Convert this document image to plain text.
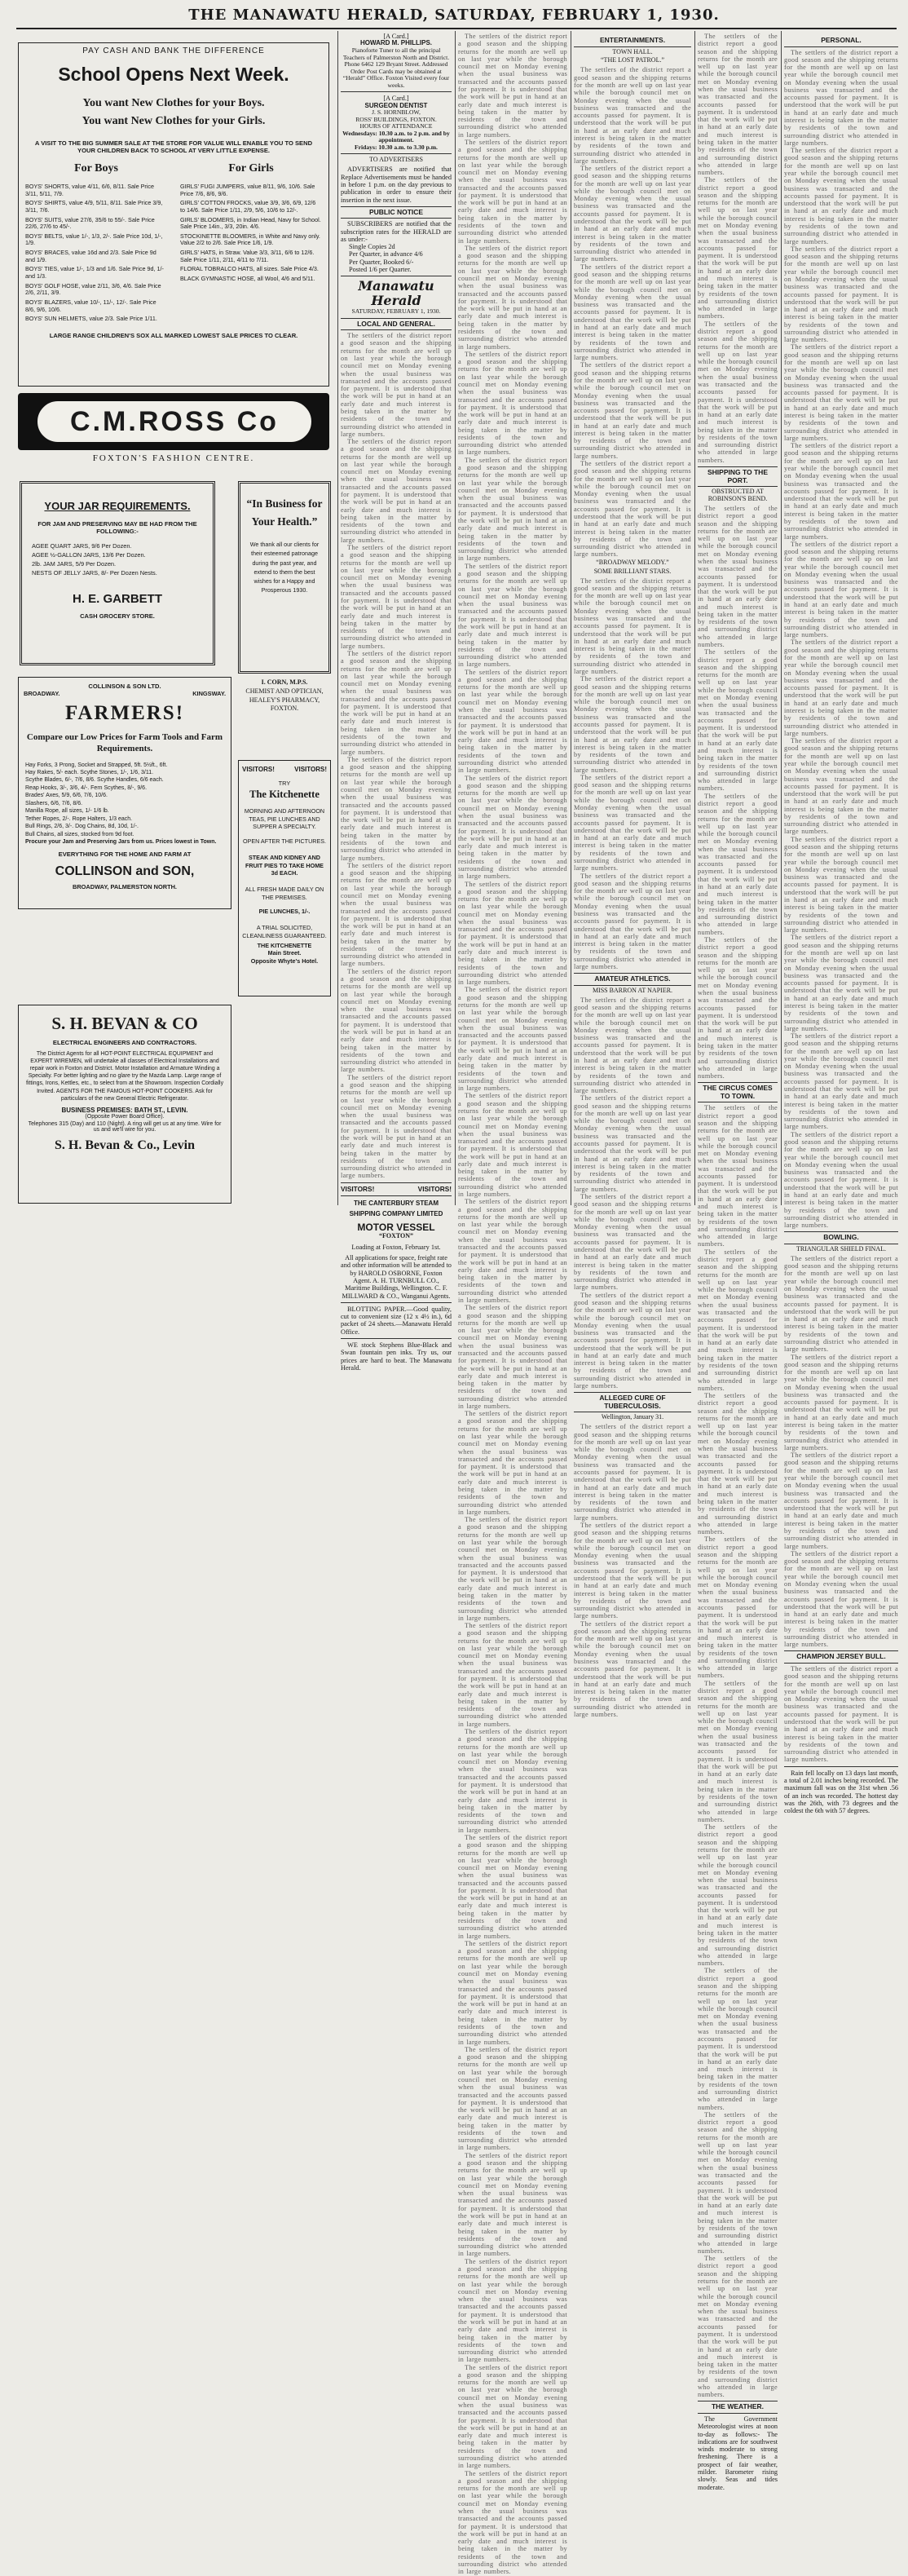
THE MANAWATU HERALD, SATURDAY, FEBRUARY 1, 1930.
PAY CASH AND BANK THE DIFFERENCE
School Opens Next Week.
You want New Clothes for your Boys.
You want New Clothes for your Girls.
A VISIT TO THE BIG SUMMER SALE AT THE STORE FOR VALUE WILL ENABLE YOU TO SEND YOUR CHILDREN BACK TO SCHOOL AT VERY LITTLE EXPENSE.
For Boys
BOYS' SHORTS, value 4/11, 6/6, 8/11. Sale Price 3/11, 5/11, 7/9.
BOYS' SHIRTS, value 4/9, 5/11, 8/11. Sale Price 3/9, 3/11, 7/6.
BOYS' SUITS, value 27/6, 35/6 to 55/-. Sale Price 22/6, 27/6 to 45/-.
BOYS' BELTS, value 1/-, 1/3, 2/-. Sale Price 10d, 1/-, 1/9.
BOYS' BRACES, value 16d and 2/3. Sale Price 9d and 1/9.
BOYS' TIES, value 1/-, 1/3 and 1/6. Sale Price 9d, 1/- and 1/3.
BOYS' GOLF HOSE, value 2/11, 3/6, 4/6. Sale Price 2/6, 2/11, 3/9.
BOYS' BLAZERS, value 10/-, 11/-, 12/-. Sale Price 8/6, 9/6, 10/6.
BOYS' SUN HELMETS, value 2/3. Sale Price 1/11.
For Girls
GIRLS' FUGI JUMPERS, value 8/11, 9/6, 10/6. Sale Price 7/6, 8/6, 9/6.
GIRLS' COTTON FROCKS, value 3/9, 3/6, 6/9, 12/6 to 14/6. Sale Price 1/11, 2/9, 5/6, 10/6 to 12/-.
GIRLS' BLOOMERS, in Indian Head, Navy for School. Sale Price 14in., 3/3, 20in. 4/6.
STOCKINETTE BLOOMERS, in White and Navy only. Value 2/2 to 2/6. Sale Price 1/6, 1/9.
GIRLS' HATS, in Straw. Value 3/3, 3/11, 6/6 to 12/6. Sale Price 1/11, 2/11, 4/11 to 7/11.
FLORAL TOBRALCO HATS, all sizes. Sale Price 4/3.
BLACK GYMNASTIC HOSE, all Wool, 4/6 and 5/11.
LARGE RANGE CHILDREN'S SOX ALL MARKED LOWEST SALE PRICES TO CLEAR.
C.M.ROSS Co
FOXTON'S FASHION CENTRE.
YOUR JAR REQUIREMENTS.
FOR JAM AND PRESERVING MAY BE HAD FROM THE FOLLOWING:-
AGEE QUART JARS, 9/6 Per Dozen.
AGEE ½-GALLON JARS, 13/6 Per Dozen.
2lb. JAM JARS, 5/9 Per Dozen.
NESTS OF JELLY JARS, 8/- Per Dozen Nests.
H. E. GARBETT
CASH GROCERY STORE.
“In Business for Your Health.”
We thank all our clients for their esteemed patronage during the past year, and extend to them the best wishes for a Happy and Prosperous 1930.
I. CORN, M.P.S.
CHEMIST AND OPTICIAN,
HEALEY'S PHARMACY,
FOXTON.
COLLINSON & SON LTD.
BROADWAY.	KINGSWAY.
FARMERS!
Compare our Low Prices for Farm Tools and Farm Requirements.
Hay Forks, 3 Prong, Socket and Strapped, 5ft. 5½ft., 6ft.
Hay Rakes, 5/- each. Scythe Stones, 1/-, 1/6, 3/11.
Scythe Blades, 6/-, 7/6, 8/6. Scythe Handles, 6/6 each.
Reap Hooks, 3/-, 3/6, 4/-. Fern Scythes, 8/-, 9/6.
Brades' Axes, 5/9, 6/6, 7/6, 10/6.
Slashers, 6/6, 7/6, 8/6.
Manilla Rope, all sizes, 1/- 1/6 lb.
Tether Ropes, 2/-. Rope Halters, 1/3 each.
Bull Rings, 2/6, 3/-. Dog Chains, 8d, 10d, 1/-.
Bull Chains, all sizes, stocked from 9d foot.
Procure your Jam and Preserving Jars from us. Prices lowest in Town.
EVERYTHING FOR THE HOME AND FARM AT
COLLINSON and SON,
BROADWAY, PALMERSTON NORTH.
VISITORS!	VISITORS!
TRY
The Kitchenette
MORNING AND AFTERNOON TEAS, PIE LUNCHES AND SUPPER A SPECIALTY.
OPEN AFTER THE PICTURES.
STEAK AND KIDNEY AND FRUIT PIES TO TAKE HOME 3d EACH.
ALL FRESH MADE DAILY ON THE PREMISES.
PIE LUNCHES, 1/-.
A TRIAL SOLICITED, CLEANLINESS GUARANTEED.
THE KITCHENETTE
Main Street.
Opposite Whyte's Hotel.
S. H. BEVAN & CO
ELECTRICAL ENGINEERS AND CONTRACTORS.
The District Agents for all HOT-POINT ELECTRICAL EQUIPMENT and EXPERT WIREMEN, will undertake all classes of Electrical Installations and repair work in Foxton and District. Motor Installation and Armature Winding a Specialty. For better lighting and no glare try the Mazda Lamp. Large range of fittings, Irons, Kettles, etc., to select from at the Showroom. Inspection Cordially Invited. AGENTS FOR THE FAMOUS HOT-POINT COOKERS. Ask for particulars of the new General Electric Refrigerator.
BUSINESS PREMISES: BATH ST., LEVIN.
(Opposite Power Board Office).
Telephones 315 (Day) and 110 (Night). A ring will get us at any time. Wire for us and we'll wire for you.
S. H. Bevan & Co., Levin
[A Card.]
HOWARD M. PHILLIPS.
Pianoforte Tuner to all the principal Teachers of Palmerston North and District. Phone 6462 129 Bryant Street. Addressed Order Post Cards may be obtained at “Herald” Office. Foxton Visited every four weeks.
[A Card.]
SURGEON DENTIST
J. S. HORNBLOW,
ROSS' BUILDINGS, FOXTON.
HOURS OF ATTENDANCE
Wednesdays: 10.30 a.m. to 2 p.m. and by appointment.
Fridays: 10.30 a.m. to 3.30 p.m.
TO ADVERTISERS

ADVERTISERS are notified that Replace Advertisements must be handed in before 1 p.m. on the day previous to publication in order to ensure their insertion in the next issue.

PUBLIC NOTICE

SUBSCRIBERS are notified that the subscription rates for the HERALD are as under:-

Single Copies 2d
Per Quarter, in advance 4/6
Per Quarter, Booked 6/-
Posted 1/6 per Quarter.
Manawatu Herald
SATURDAY, FEBRUARY 1, 1930.
LOCAL AND GENERAL.

The settlers of the district report a good season and the shipping returns for the month are well up on last year while the borough council met on Monday evening when the usual business was transacted and the accounts passed for payment. It is understood that the work will be put in hand at an early date and much interest is being taken in the matter by residents of the town and surrounding district who attended in large numbers.

The settlers of the district report a good season and the shipping returns for the month are well up on last year while the borough council met on Monday evening when the usual business was transacted and the accounts passed for payment. It is understood that the work will be put in hand at an early date and much interest is being taken in the matter by residents of the town and surrounding district who attended in large numbers.

The settlers of the district report a good season and the shipping returns for the month are well up on last year while the borough council met on Monday evening when the usual business was transacted and the accounts passed for payment. It is understood that the work will be put in hand at an early date and much interest is being taken in the matter by residents of the town and surrounding district who attended in large numbers.

The settlers of the district report a good season and the shipping returns for the month are well up on last year while the borough council met on Monday evening when the usual business was transacted and the accounts passed for payment. It is understood that the work will be put in hand at an early date and much interest is being taken in the matter by residents of the town and surrounding district who attended in large numbers.

The settlers of the district report a good season and the shipping returns for the month are well up on last year while the borough council met on Monday evening when the usual business was transacted and the accounts passed for payment. It is understood that the work will be put in hand at an early date and much interest is being taken in the matter by residents of the town and surrounding district who attended in large numbers.

The settlers of the district report a good season and the shipping returns for the month are well up on last year while the borough council met on Monday evening when the usual business was transacted and the accounts passed for payment. It is understood that the work will be put in hand at an early date and much interest is being taken in the matter by residents of the town and surrounding district who attended in large numbers.

The settlers of the district report a good season and the shipping returns for the month are well up on last year while the borough council met on Monday evening when the usual business was transacted and the accounts passed for payment. It is understood that the work will be put in hand at an early date and much interest is being taken in the matter by residents of the town and surrounding district who attended in large numbers.

The settlers of the district report a good season and the shipping returns for the month are well up on last year while the borough council met on Monday evening when the usual business was transacted and the accounts passed for payment. It is understood that the work will be put in hand at an early date and much interest is being taken in the matter by residents of the town and surrounding district who attended in large numbers.

VISITORS!	VISITORS!
THE CANTERBURY STEAM SHIPPING COMPANY LIMITED
MOTOR VESSEL
“FOXTON”
Loading at Foxton, February 1st.
All applications for space, freight rate and other information will be attended to by HAROLD OSBORNE, Foxton Agent. A. H. TURNBULL CO., Maritime Buildings, Wellington. C. F. MILLWARD & CO., Wanganui Agents.

BLOTTING PAPER.—Good quality, cut to convenient size (12 x 4½ in.), 6d packet of 24 sheets.—Manawatu Herald Office.

WE stock Stephens Blue-Black and Swan fountain pen inks. Try us, our prices are hard to beat. The Manawatu Herald.

The settlers of the district report a good season and the shipping returns for the month are well up on last year while the borough council met on Monday evening when the usual business was transacted and the accounts passed for payment. It is understood that the work will be put in hand at an early date and much interest is being taken in the matter by residents of the town and surrounding district who attended in large numbers.

The settlers of the district report a good season and the shipping returns for the month are well up on last year while the borough council met on Monday evening when the usual business was transacted and the accounts passed for payment. It is understood that the work will be put in hand at an early date and much interest is being taken in the matter by residents of the town and surrounding district who attended in large numbers.

The settlers of the district report a good season and the shipping returns for the month are well up on last year while the borough council met on Monday evening when the usual business was transacted and the accounts passed for payment. It is understood that the work will be put in hand at an early date and much interest is being taken in the matter by residents of the town and surrounding district who attended in large numbers.

The settlers of the district report a good season and the shipping returns for the month are well up on last year while the borough council met on Monday evening when the usual business was transacted and the accounts passed for payment. It is understood that the work will be put in hand at an early date and much interest is being taken in the matter by residents of the town and surrounding district who attended in large numbers.

The settlers of the district report a good season and the shipping returns for the month are well up on last year while the borough council met on Monday evening when the usual business was transacted and the accounts passed for payment. It is understood that the work will be put in hand at an early date and much interest is being taken in the matter by residents of the town and surrounding district who attended in large numbers.

The settlers of the district report a good season and the shipping returns for the month are well up on last year while the borough council met on Monday evening when the usual business was transacted and the accounts passed for payment. It is understood that the work will be put in hand at an early date and much interest is being taken in the matter by residents of the town and surrounding district who attended in large numbers.

The settlers of the district report a good season and the shipping returns for the month are well up on last year while the borough council met on Monday evening when the usual business was transacted and the accounts passed for payment. It is understood that the work will be put in hand at an early date and much interest is being taken in the matter by residents of the town and surrounding district who attended in large numbers.

The settlers of the district report a good season and the shipping returns for the month are well up on last year while the borough council met on Monday evening when the usual business was transacted and the accounts passed for payment. It is understood that the work will be put in hand at an early date and much interest is being taken in the matter by residents of the town and surrounding district who attended in large numbers.

The settlers of the district report a good season and the shipping returns for the month are well up on last year while the borough council met on Monday evening when the usual business was transacted and the accounts passed for payment. It is understood that the work will be put in hand at an early date and much interest is being taken in the matter by residents of the town and surrounding district who attended in large numbers.

The settlers of the district report a good season and the shipping returns for the month are well up on last year while the borough council met on Monday evening when the usual business was transacted and the accounts passed for payment. It is understood that the work will be put in hand at an early date and much interest is being taken in the matter by residents of the town and surrounding district who attended in large numbers.

The settlers of the district report a good season and the shipping returns for the month are well up on last year while the borough council met on Monday evening when the usual business was transacted and the accounts passed for payment. It is understood that the work will be put in hand at an early date and much interest is being taken in the matter by residents of the town and surrounding district who attended in large numbers.

The settlers of the district report a good season and the shipping returns for the month are well up on last year while the borough council met on Monday evening when the usual business was transacted and the accounts passed for payment. It is understood that the work will be put in hand at an early date and much interest is being taken in the matter by residents of the town and surrounding district who attended in large numbers.

The settlers of the district report a good season and the shipping returns for the month are well up on last year while the borough council met on Monday evening when the usual business was transacted and the accounts passed for payment. It is understood that the work will be put in hand at an early date and much interest is being taken in the matter by residents of the town and surrounding district who attended in large numbers.

The settlers of the district report a good season and the shipping returns for the month are well up on last year while the borough council met on Monday evening when the usual business was transacted and the accounts passed for payment. It is understood that the work will be put in hand at an early date and much interest is being taken in the matter by residents of the town and surrounding district who attended in large numbers.

The settlers of the district report a good season and the shipping returns for the month are well up on last year while the borough council met on Monday evening when the usual business was transacted and the accounts passed for payment. It is understood that the work will be put in hand at an early date and much interest is being taken in the matter by residents of the town and surrounding district who attended in large numbers.

The settlers of the district report a good season and the shipping returns for the month are well up on last year while the borough council met on Monday evening when the usual business was transacted and the accounts passed for payment. It is understood that the work will be put in hand at an early date and much interest is being taken in the matter by residents of the town and surrounding district who attended in large numbers.

The settlers of the district report a good season and the shipping returns for the month are well up on last year while the borough council met on Monday evening when the usual business was transacted and the accounts passed for payment. It is understood that the work will be put in hand at an early date and much interest is being taken in the matter by residents of the town and surrounding district who attended in large numbers.

The settlers of the district report a good season and the shipping returns for the month are well up on last year while the borough council met on Monday evening when the usual business was transacted and the accounts passed for payment. It is understood that the work will be put in hand at an early date and much interest is being taken in the matter by residents of the town and surrounding district who attended in large numbers.

The settlers of the district report a good season and the shipping returns for the month are well up on last year while the borough council met on Monday evening when the usual business was transacted and the accounts passed for payment. It is understood that the work will be put in hand at an early date and much interest is being taken in the matter by residents of the town and surrounding district who attended in large numbers.

The settlers of the district report a good season and the shipping returns for the month are well up on last year while the borough council met on Monday evening when the usual business was transacted and the accounts passed for payment. It is understood that the work will be put in hand at an early date and much interest is being taken in the matter by residents of the town and surrounding district who attended in large numbers.

The settlers of the district report a good season and the shipping returns for the month are well up on last year while the borough council met on Monday evening when the usual business was transacted and the accounts passed for payment. It is understood that the work will be put in hand at an early date and much interest is being taken in the matter by residents of the town and surrounding district who attended in large numbers.

The settlers of the district report a good season and the shipping returns for the month are well up on last year while the borough council met on Monday evening when the usual business was transacted and the accounts passed for payment. It is understood that the work will be put in hand at an early date and much interest is being taken in the matter by residents of the town and surrounding district who attended in large numbers.

The settlers of the district report a good season and the shipping returns for the month are well up on last year while the borough council met on Monday evening when the usual business was transacted and the accounts passed for payment. It is understood that the work will be put in hand at an early date and much interest is being taken in the matter by residents of the town and surrounding district who attended in large numbers.

The settlers of the district report a good season and the shipping returns for the month are well up on last year while the borough council met on Monday evening when the usual business was transacted and the accounts passed for payment. It is understood that the work will be put in hand at an early date and much interest is being taken in the matter by residents of the town and surrounding district who attended in large numbers.

ENTERTAINMENTS.
TOWN HALL.
“THE LOST PATROL.”

The settlers of the district report a good season and the shipping returns for the month are well up on last year while the borough council met on Monday evening when the usual business was transacted and the accounts passed for payment. It is understood that the work will be put in hand at an early date and much interest is being taken in the matter by residents of the town and surrounding district who attended in large numbers.

The settlers of the district report a good season and the shipping returns for the month are well up on last year while the borough council met on Monday evening when the usual business was transacted and the accounts passed for payment. It is understood that the work will be put in hand at an early date and much interest is being taken in the matter by residents of the town and surrounding district who attended in large numbers.

The settlers of the district report a good season and the shipping returns for the month are well up on last year while the borough council met on Monday evening when the usual business was transacted and the accounts passed for payment. It is understood that the work will be put in hand at an early date and much interest is being taken in the matter by residents of the town and surrounding district who attended in large numbers.

The settlers of the district report a good season and the shipping returns for the month are well up on last year while the borough council met on Monday evening when the usual business was transacted and the accounts passed for payment. It is understood that the work will be put in hand at an early date and much interest is being taken in the matter by residents of the town and surrounding district who attended in large numbers.

The settlers of the district report a good season and the shipping returns for the month are well up on last year while the borough council met on Monday evening when the usual business was transacted and the accounts passed for payment. It is understood that the work will be put in hand at an early date and much interest is being taken in the matter by residents of the town and surrounding district who attended in large numbers.

“BROADWAY MELODY.”
SOME BRILLIANT STARS.

The settlers of the district report a good season and the shipping returns for the month are well up on last year while the borough council met on Monday evening when the usual business was transacted and the accounts passed for payment. It is understood that the work will be put in hand at an early date and much interest is being taken in the matter by residents of the town and surrounding district who attended in large numbers.

The settlers of the district report a good season and the shipping returns for the month are well up on last year while the borough council met on Monday evening when the usual business was transacted and the accounts passed for payment. It is understood that the work will be put in hand at an early date and much interest is being taken in the matter by residents of the town and surrounding district who attended in large numbers.

The settlers of the district report a good season and the shipping returns for the month are well up on last year while the borough council met on Monday evening when the usual business was transacted and the accounts passed for payment. It is understood that the work will be put in hand at an early date and much interest is being taken in the matter by residents of the town and surrounding district who attended in large numbers.

The settlers of the district report a good season and the shipping returns for the month are well up on last year while the borough council met on Monday evening when the usual business was transacted and the accounts passed for payment. It is understood that the work will be put in hand at an early date and much interest is being taken in the matter by residents of the town and surrounding district who attended in large numbers.

AMATEUR ATHLETICS.
MISS BARRON AT NAPIER.

The settlers of the district report a good season and the shipping returns for the month are well up on last year while the borough council met on Monday evening when the usual business was transacted and the accounts passed for payment. It is understood that the work will be put in hand at an early date and much interest is being taken in the matter by residents of the town and surrounding district who attended in large numbers.

The settlers of the district report a good season and the shipping returns for the month are well up on last year while the borough council met on Monday evening when the usual business was transacted and the accounts passed for payment. It is understood that the work will be put in hand at an early date and much interest is being taken in the matter by residents of the town and surrounding district who attended in large numbers.

The settlers of the district report a good season and the shipping returns for the month are well up on last year while the borough council met on Monday evening when the usual business was transacted and the accounts passed for payment. It is understood that the work will be put in hand at an early date and much interest is being taken in the matter by residents of the town and surrounding district who attended in large numbers.

The settlers of the district report a good season and the shipping returns for the month are well up on last year while the borough council met on Monday evening when the usual business was transacted and the accounts passed for payment. It is understood that the work will be put in hand at an early date and much interest is being taken in the matter by residents of the town and surrounding district who attended in large numbers.

ALLEGED CURE OF TUBERCULOSIS.
Wellington, January 31.

The settlers of the district report a good season and the shipping returns for the month are well up on last year while the borough council met on Monday evening when the usual business was transacted and the accounts passed for payment. It is understood that the work will be put in hand at an early date and much interest is being taken in the matter by residents of the town and surrounding district who attended in large numbers.

The settlers of the district report a good season and the shipping returns for the month are well up on last year while the borough council met on Monday evening when the usual business was transacted and the accounts passed for payment. It is understood that the work will be put in hand at an early date and much interest is being taken in the matter by residents of the town and surrounding district who attended in large numbers.

The settlers of the district report a good season and the shipping returns for the month are well up on last year while the borough council met on Monday evening when the usual business was transacted and the accounts passed for payment. It is understood that the work will be put in hand at an early date and much interest is being taken in the matter by residents of the town and surrounding district who attended in large numbers.

The settlers of the district report a good season and the shipping returns for the month are well up on last year while the borough council met on Monday evening when the usual business was transacted and the accounts passed for payment. It is understood that the work will be put in hand at an early date and much interest is being taken in the matter by residents of the town and surrounding district who attended in large numbers.

The settlers of the district report a good season and the shipping returns for the month are well up on last year while the borough council met on Monday evening when the usual business was transacted and the accounts passed for payment. It is understood that the work will be put in hand at an early date and much interest is being taken in the matter by residents of the town and surrounding district who attended in large numbers.

The settlers of the district report a good season and the shipping returns for the month are well up on last year while the borough council met on Monday evening when the usual business was transacted and the accounts passed for payment. It is understood that the work will be put in hand at an early date and much interest is being taken in the matter by residents of the town and surrounding district who attended in large numbers.

SHIPPING TO THE PORT.
OBSTRUCTED AT ROBINSON'S BEND.

The settlers of the district report a good season and the shipping returns for the month are well up on last year while the borough council met on Monday evening when the usual business was transacted and the accounts passed for payment. It is understood that the work will be put in hand at an early date and much interest is being taken in the matter by residents of the town and surrounding district who attended in large numbers.

The settlers of the district report a good season and the shipping returns for the month are well up on last year while the borough council met on Monday evening when the usual business was transacted and the accounts passed for payment. It is understood that the work will be put in hand at an early date and much interest is being taken in the matter by residents of the town and surrounding district who attended in large numbers.

The settlers of the district report a good season and the shipping returns for the month are well up on last year while the borough council met on Monday evening when the usual business was transacted and the accounts passed for payment. It is understood that the work will be put in hand at an early date and much interest is being taken in the matter by residents of the town and surrounding district who attended in large numbers.

The settlers of the district report a good season and the shipping returns for the month are well up on last year while the borough council met on Monday evening when the usual business was transacted and the accounts passed for payment. It is understood that the work will be put in hand at an early date and much interest is being taken in the matter by residents of the town and surrounding district who attended in large numbers.

THE CIRCUS COMES TO TOWN.

The settlers of the district report a good season and the shipping returns for the month are well up on last year while the borough council met on Monday evening when the usual business was transacted and the accounts passed for payment. It is understood that the work will be put in hand at an early date and much interest is being taken in the matter by residents of the town and surrounding district who attended in large numbers.

The settlers of the district report a good season and the shipping returns for the month are well up on last year while the borough council met on Monday evening when the usual business was transacted and the accounts passed for payment. It is understood that the work will be put in hand at an early date and much interest is being taken in the matter by residents of the town and surrounding district who attended in large numbers.

The settlers of the district report a good season and the shipping returns for the month are well up on last year while the borough council met on Monday evening when the usual business was transacted and the accounts passed for payment. It is understood that the work will be put in hand at an early date and much interest is being taken in the matter by residents of the town and surrounding district who attended in large numbers.

The settlers of the district report a good season and the shipping returns for the month are well up on last year while the borough council met on Monday evening when the usual business was transacted and the accounts passed for payment. It is understood that the work will be put in hand at an early date and much interest is being taken in the matter by residents of the town and surrounding district who attended in large numbers.

The settlers of the district report a good season and the shipping returns for the month are well up on last year while the borough council met on Monday evening when the usual business was transacted and the accounts passed for payment. It is understood that the work will be put in hand at an early date and much interest is being taken in the matter by residents of the town and surrounding district who attended in large numbers.

The settlers of the district report a good season and the shipping returns for the month are well up on last year while the borough council met on Monday evening when the usual business was transacted and the accounts passed for payment. It is understood that the work will be put in hand at an early date and much interest is being taken in the matter by residents of the town and surrounding district who attended in large numbers.

The settlers of the district report a good season and the shipping returns for the month are well up on last year while the borough council met on Monday evening when the usual business was transacted and the accounts passed for payment. It is understood that the work will be put in hand at an early date and much interest is being taken in the matter by residents of the town and surrounding district who attended in large numbers.

The settlers of the district report a good season and the shipping returns for the month are well up on last year while the borough council met on Monday evening when the usual business was transacted and the accounts passed for payment. It is understood that the work will be put in hand at an early date and much interest is being taken in the matter by residents of the town and surrounding district who attended in large numbers.

The settlers of the district report a good season and the shipping returns for the month are well up on last year while the borough council met on Monday evening when the usual business was transacted and the accounts passed for payment. It is understood that the work will be put in hand at an early date and much interest is being taken in the matter by residents of the town and surrounding district who attended in large numbers.

THE WEATHER.

The Government Meteorologist wires at noon to-day as follows:- The indications are for southwest winds moderate to strong freshening. There is a prospect of fair weather, milder. Barometer rising slowly. Seas and tides moderate.

PERSONAL.

The settlers of the district report a good season and the shipping returns for the month are well up on last year while the borough council met on Monday evening when the usual business was transacted and the accounts passed for payment. It is understood that the work will be put in hand at an early date and much interest is being taken in the matter by residents of the town and surrounding district who attended in large numbers.

The settlers of the district report a good season and the shipping returns for the month are well up on last year while the borough council met on Monday evening when the usual business was transacted and the accounts passed for payment. It is understood that the work will be put in hand at an early date and much interest is being taken in the matter by residents of the town and surrounding district who attended in large numbers.

The settlers of the district report a good season and the shipping returns for the month are well up on last year while the borough council met on Monday evening when the usual business was transacted and the accounts passed for payment. It is understood that the work will be put in hand at an early date and much interest is being taken in the matter by residents of the town and surrounding district who attended in large numbers.

The settlers of the district report a good season and the shipping returns for the month are well up on last year while the borough council met on Monday evening when the usual business was transacted and the accounts passed for payment. It is understood that the work will be put in hand at an early date and much interest is being taken in the matter by residents of the town and surrounding district who attended in large numbers.

The settlers of the district report a good season and the shipping returns for the month are well up on last year while the borough council met on Monday evening when the usual business was transacted and the accounts passed for payment. It is understood that the work will be put in hand at an early date and much interest is being taken in the matter by residents of the town and surrounding district who attended in large numbers.

The settlers of the district report a good season and the shipping returns for the month are well up on last year while the borough council met on Monday evening when the usual business was transacted and the accounts passed for payment. It is understood that the work will be put in hand at an early date and much interest is being taken in the matter by residents of the town and surrounding district who attended in large numbers.

The settlers of the district report a good season and the shipping returns for the month are well up on last year while the borough council met on Monday evening when the usual business was transacted and the accounts passed for payment. It is understood that the work will be put in hand at an early date and much interest is being taken in the matter by residents of the town and surrounding district who attended in large numbers.

The settlers of the district report a good season and the shipping returns for the month are well up on last year while the borough council met on Monday evening when the usual business was transacted and the accounts passed for payment. It is understood that the work will be put in hand at an early date and much interest is being taken in the matter by residents of the town and surrounding district who attended in large numbers.

The settlers of the district report a good season and the shipping returns for the month are well up on last year while the borough council met on Monday evening when the usual business was transacted and the accounts passed for payment. It is understood that the work will be put in hand at an early date and much interest is being taken in the matter by residents of the town and surrounding district who attended in large numbers.

The settlers of the district report a good season and the shipping returns for the month are well up on last year while the borough council met on Monday evening when the usual business was transacted and the accounts passed for payment. It is understood that the work will be put in hand at an early date and much interest is being taken in the matter by residents of the town and surrounding district who attended in large numbers.

The settlers of the district report a good season and the shipping returns for the month are well up on last year while the borough council met on Monday evening when the usual business was transacted and the accounts passed for payment. It is understood that the work will be put in hand at an early date and much interest is being taken in the matter by residents of the town and surrounding district who attended in large numbers.

The settlers of the district report a good season and the shipping returns for the month are well up on last year while the borough council met on Monday evening when the usual business was transacted and the accounts passed for payment. It is understood that the work will be put in hand at an early date and much interest is being taken in the matter by residents of the town and surrounding district who attended in large numbers.

BOWLING.
TRIANGULAR SHIELD FINAL.

The settlers of the district report a good season and the shipping returns for the month are well up on last year while the borough council met on Monday evening when the usual business was transacted and the accounts passed for payment. It is understood that the work will be put in hand at an early date and much interest is being taken in the matter by residents of the town and surrounding district who attended in large numbers.

The settlers of the district report a good season and the shipping returns for the month are well up on last year while the borough council met on Monday evening when the usual business was transacted and the accounts passed for payment. It is understood that the work will be put in hand at an early date and much interest is being taken in the matter by residents of the town and surrounding district who attended in large numbers.

The settlers of the district report a good season and the shipping returns for the month are well up on last year while the borough council met on Monday evening when the usual business was transacted and the accounts passed for payment. It is understood that the work will be put in hand at an early date and much interest is being taken in the matter by residents of the town and surrounding district who attended in large numbers.

The settlers of the district report a good season and the shipping returns for the month are well up on last year while the borough council met on Monday evening when the usual business was transacted and the accounts passed for payment. It is understood that the work will be put in hand at an early date and much interest is being taken in the matter by residents of the town and surrounding district who attended in large numbers.

CHAMPION JERSEY BULL.

The settlers of the district report a good season and the shipping returns for the month are well up on last year while the borough council met on Monday evening when the usual business was transacted and the accounts passed for payment. It is understood that the work will be put in hand at an early date and much interest is being taken in the matter by residents of the town and surrounding district who attended in large numbers.

Rain fell locally on 13 days last month, a total of 2.01 inches being recorded. The maximum fall was on the 31st when .56 of an inch was recorded. The hottest day was the 26th, with 73 degrees and the coldest the 6th with 57 degrees.
